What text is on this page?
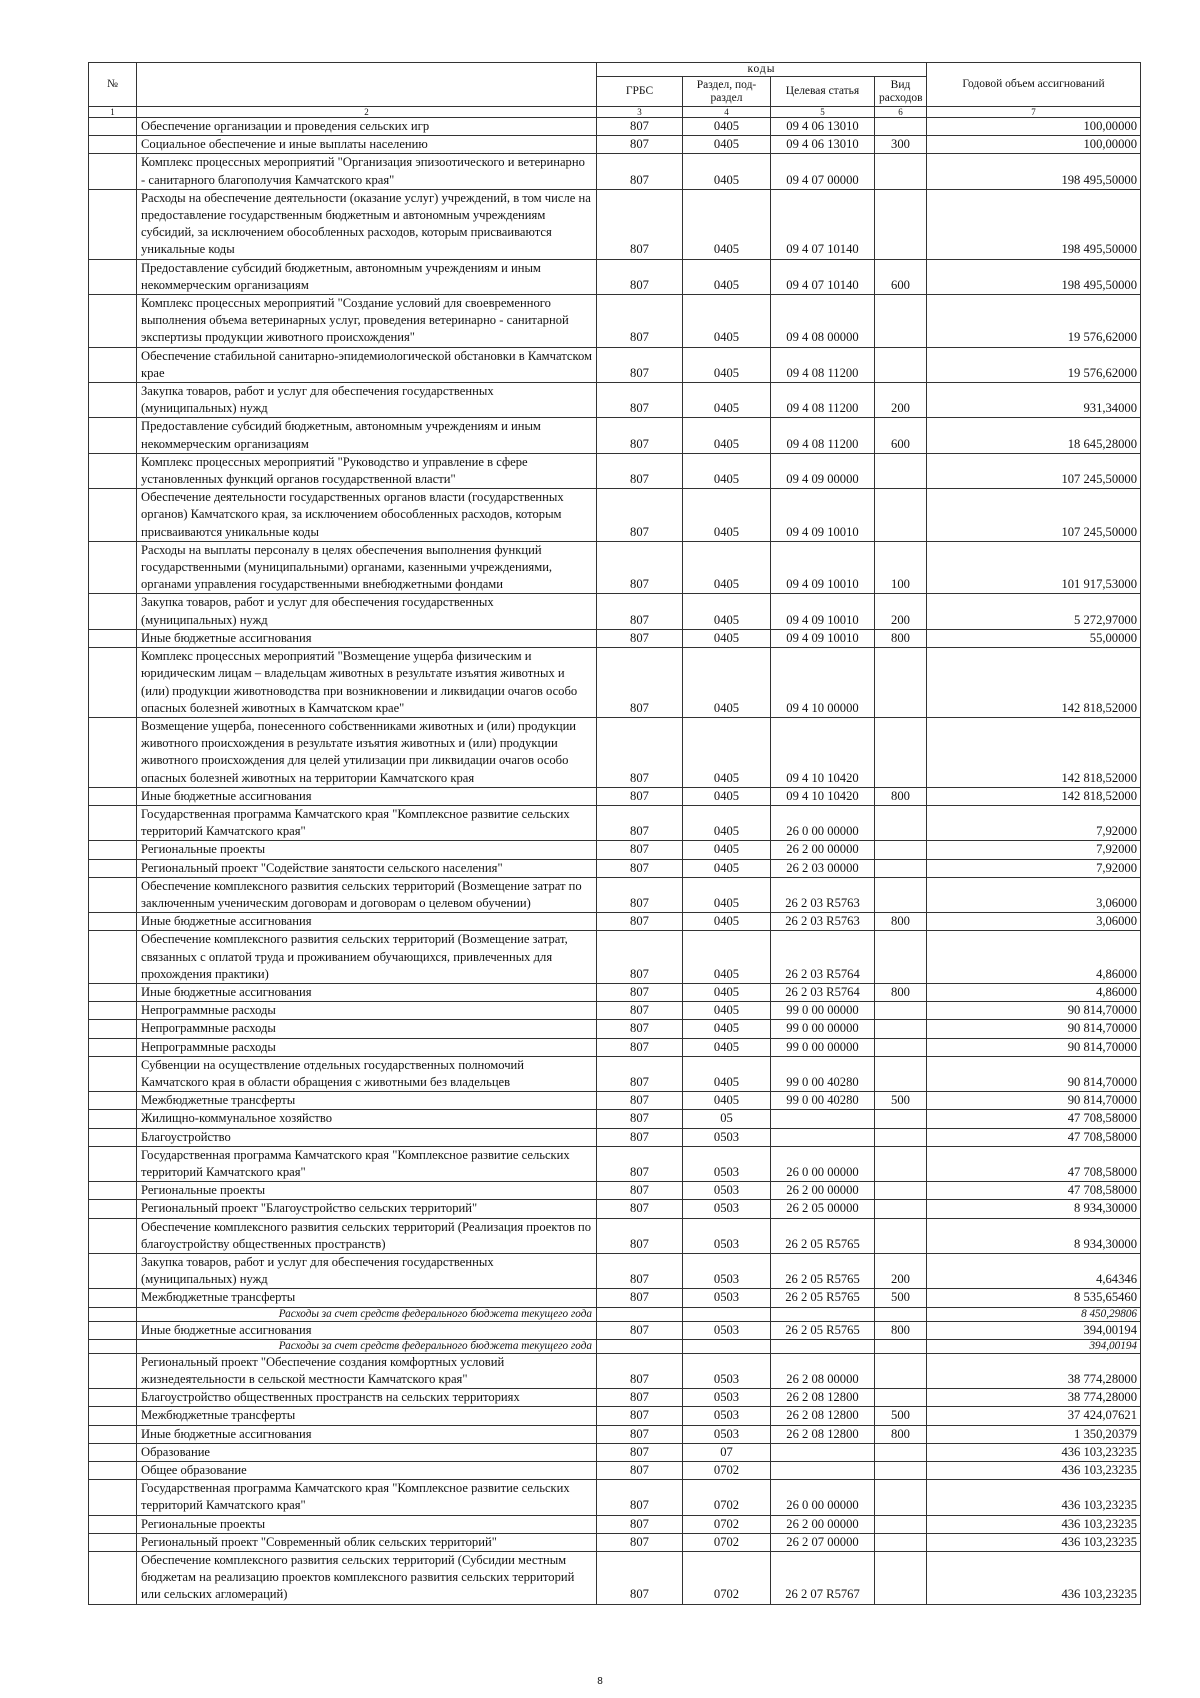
№		коды				Годовой объем ассигнований
		ГРБС	Раздел, под-раздел	Целевая статья	Вид расходов	
1	2	3	4	5	6	7
	Обеспечение организации и проведения сельских игр	807	0405	09 4 06 13010		100,00000
	Социальное обеспечение и иные выплаты населению	807	0405	09 4 06 13010	300	100,00000
	Комплекс процессных мероприятий "Организация эпизоотического и ветеринарно - санитарного благополучия Камчатского края"	807	0405	09 4 07 00000		198 495,50000
	Расходы на обеспечение деятельности (оказание услуг) учреждений, в том числе на предоставление государственным бюджетным и автономным учреждениям субсидий, за исключением обособленных расходов, которым присваиваются уникальные коды	807	0405	09 4 07 10140		198 495,50000
	Предоставление субсидий бюджетным, автономным учреждениям и иным некоммерческим организациям	807	0405	09 4 07 10140	600	198 495,50000
	Комплекс процессных мероприятий "Создание условий для своевременного выполнения объема ветеринарных услуг, проведения ветеринарно - санитарной экспертизы продукции животного происхождения"	807	0405	09 4 08 00000		19 576,62000
	Обеспечение стабильной санитарно-эпидемиологической обстановки в Камчатском крае	807	0405	09 4 08 11200		19 576,62000
	Закупка товаров, работ и услуг для обеспечения государственных (муниципальных) нужд	807	0405	09 4 08 11200	200	931,34000
	Предоставление субсидий бюджетным, автономным учреждениям и иным некоммерческим организациям	807	0405	09 4 08 11200	600	18 645,28000
	Комплекс процессных мероприятий "Руководство и управление в сфере установленных функций органов государственной власти"	807	0405	09 4 09 00000		107 245,50000
	Обеспечение деятельности государственных органов власти (государственных органов) Камчатского края, за исключением обособленных расходов, которым присваиваются уникальные коды	807	0405	09 4 09 10010		107 245,50000
	Расходы на выплаты персоналу в целях обеспечения выполнения функций государственными (муниципальными) органами, казенными учреждениями, органами управления государственными внебюджетными фондами	807	0405	09 4 09 10010	100	101 917,53000
	Закупка товаров, работ и услуг для обеспечения государственных (муниципальных) нужд	807	0405	09 4 09 10010	200	5 272,97000
	Иные бюджетные ассигнования	807	0405	09 4 09 10010	800	55,00000
	Комплекс процессных мероприятий "Возмещение ущерба физическим и юридическим лицам – владельцам животных в результате изъятия животных и (или) продукции животноводства при возникновении и ликвидации очагов особо опасных болезней животных в Камчатском крае"	807	0405	09 4 10 00000		142 818,52000
	Возмещение ущерба, понесенного собственниками животных и (или) продукции животного происхождения в результате изъятия животных и (или) продукции животного происхождения для целей утилизации при ликвидации очагов особо опасных болезней животных на территории Камчатского края	807	0405	09 4 10 10420		142 818,52000
	Иные бюджетные ассигнования	807	0405	09 4 10 10420	800	142 818,52000
	Государственная программа Камчатского края "Комплексное развитие сельских территорий Камчатского края"	807	0405	26 0 00 00000		7,92000
	Региональные проекты	807	0405	26 2 00 00000		7,92000
	Региональный проект "Содействие занятости сельского населения"	807	0405	26 2 03 00000		7,92000
	Обеспечение комплексного развития сельских территорий (Возмещение затрат по заключенным ученическим договорам и договорам о целевом обучении)	807	0405	26 2 03 R5763		3,06000
	Иные бюджетные ассигнования	807	0405	26 2 03 R5763	800	3,06000
	Обеспечение комплексного развития сельских территорий (Возмещение затрат, связанных с оплатой труда и проживанием обучающихся, привлеченных для прохождения практики)	807	0405	26 2 03 R5764		4,86000
	Иные бюджетные ассигнования	807	0405	26 2 03 R5764	800	4,86000
	Непрограммные расходы	807	0405	99 0 00 00000		90 814,70000
	Непрограммные расходы	807	0405	99 0 00 00000		90 814,70000
	Непрограммные расходы	807	0405	99 0 00 00000		90 814,70000
	Субвенции на осуществление отдельных государственных полномочий Камчатского края в области обращения с животными без владельцев	807	0405	99 0 00 40280		90 814,70000
	Межбюджетные трансферты	807	0405	99 0 00 40280	500	90 814,70000
	Жилищно-коммунальное хозяйство	807	05			47 708,58000
	Благоустройство	807	0503			47 708,58000
	Государственная программа Камчатского края "Комплексное развитие сельских территорий Камчатского края"	807	0503	26 0 00 00000		47 708,58000
	Региональные проекты	807	0503	26 2 00 00000		47 708,58000
	Региональный проект "Благоустройство сельских территорий"	807	0503	26 2 05 00000		8 934,30000
	Обеспечение комплексного развития сельских территорий (Реализация проектов по благоустройству общественных пространств)	807	0503	26 2 05 R5765		8 934,30000
	Закупка товаров, работ и услуг для обеспечения государственных (муниципальных) нужд	807	0503	26 2 05 R5765	200	4,64346
	Межбюджетные трансферты	807	0503	26 2 05 R5765	500	8 535,65460
	Расходы за счет средств федерального бюджета текущего года					8 450,29806
	Иные бюджетные ассигнования	807	0503	26 2 05 R5765	800	394,00194
	Расходы за счет средств федерального бюджета текущего года					394,00194
	Региональный проект "Обеспечение создания комфортных условий жизнедеятельности в сельской местности Камчатского края"	807	0503	26 2 08 00000		38 774,28000
	Благоустройство общественных пространств на сельских территориях	807	0503	26 2 08 12800		38 774,28000
	Межбюджетные трансферты	807	0503	26 2 08 12800	500	37 424,07621
	Иные бюджетные ассигнования	807	0503	26 2 08 12800	800	1 350,20379
	Образование	807	07			436 103,23235
	Общее образование	807	0702			436 103,23235
	Государственная программа Камчатского края "Комплексное развитие сельских территорий Камчатского края"	807	0702	26 0 00 00000		436 103,23235
	Региональные проекты	807	0702	26 2 00 00000		436 103,23235
	Региональный проект "Современный облик сельских территорий"	807	0702	26 2 07 00000		436 103,23235
	Обеспечение комплексного развития сельских территорий (Субсидии местным бюджетам на реализацию проектов комплексного развития сельских территорий или сельских агломераций)	807	0702	26 2 07 R5767		436 103,23235
8
